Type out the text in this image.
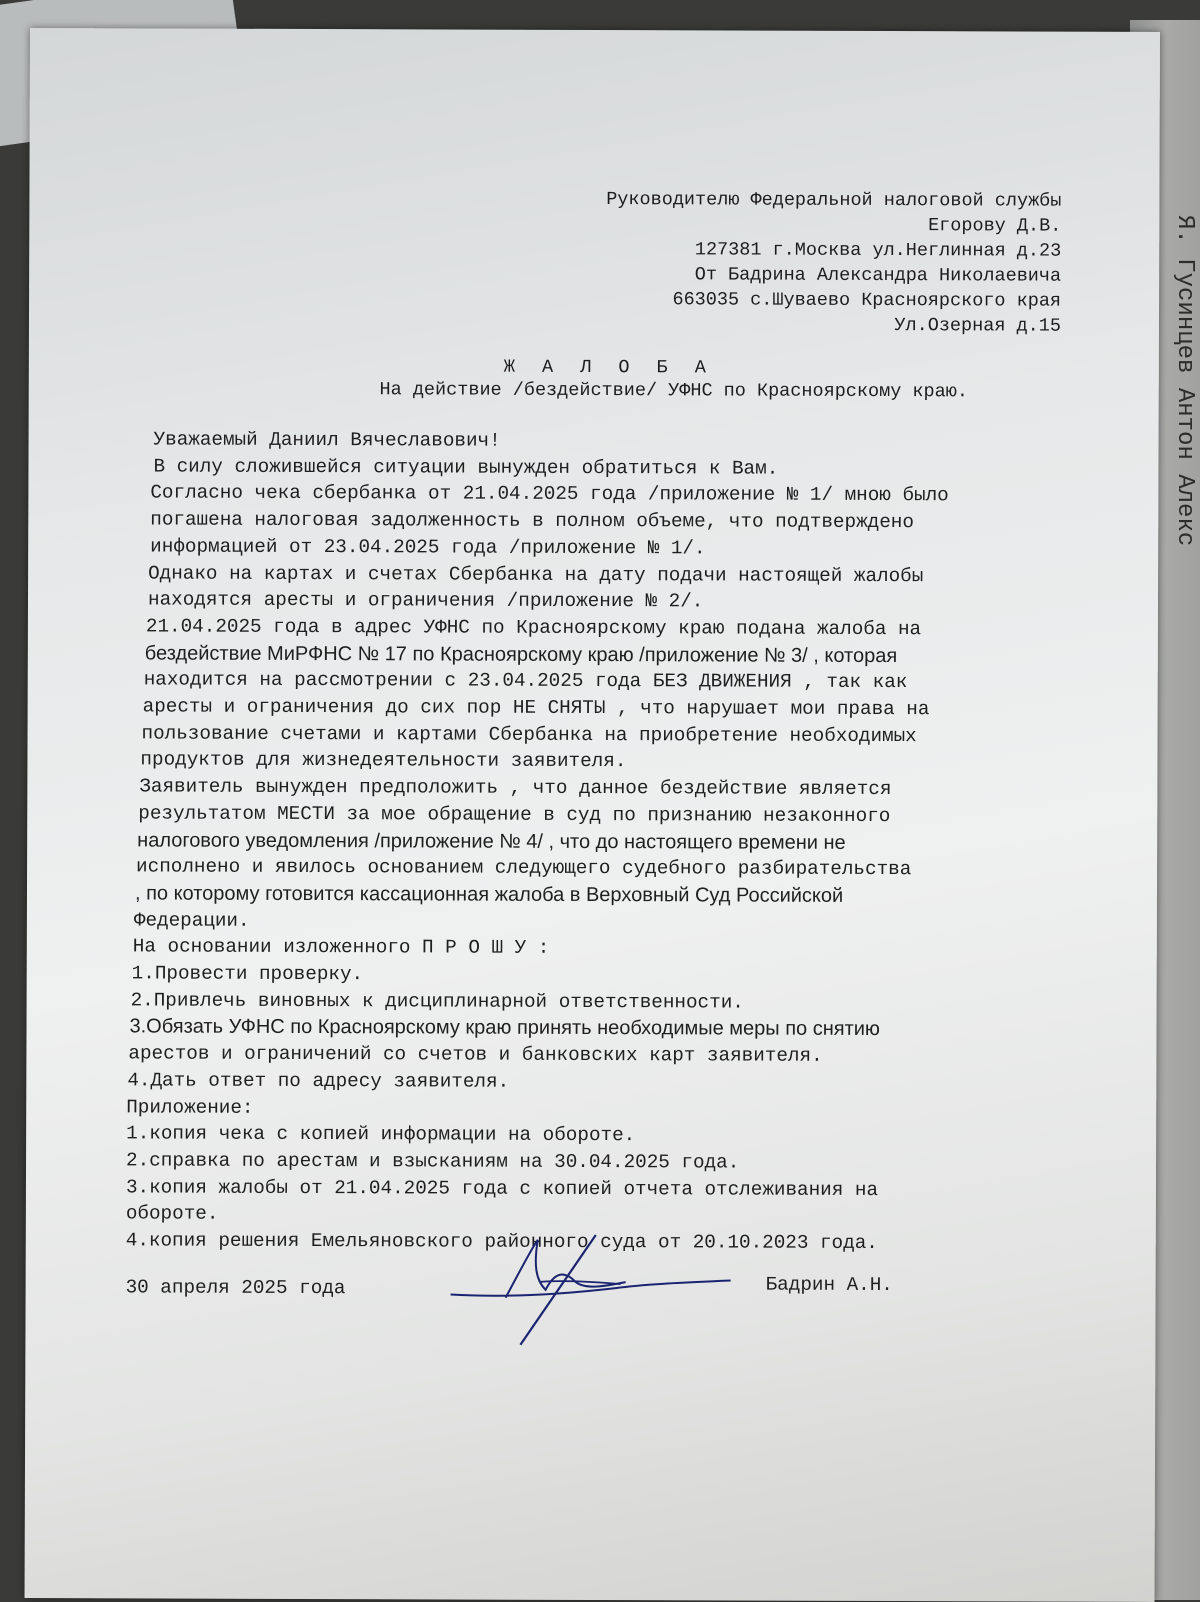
Я. Гусинцев Антон Алекс
Руководителю Федеральной налоговой службы
Егорову Д.В.
127381 г.Москва ул.Неглинная д.23
От Бадрина Александра Николаевича
663035 с.Шуваево Красноярского края
Ул.Озерная д.15
Ж А Л О Б А
На действие /бездействие/ УФНС по Красноярскому краю.
Уважаемый Даниил Вячеславович!
В силу сложившейся ситуации вынужден обратиться к Вам.
Согласно чека сбербанка от 21.04.2025 года /приложение № 1/ мною было
погашена налоговая задолженность в полном объеме, что подтверждено
информацией от 23.04.2025 года /приложение № 1/.
Однако на картах и счетах Сбербанка на дату подачи настоящей жалобы
находятся аресты и ограничения /приложение № 2/.
21.04.2025 года в адрес УФНС по Красноярскому краю подана жалоба на
бездействие МиРФНС № 17 по Красноярскому краю /приложение № 3/ , которая
находится на рассмотрении с 23.04.2025 года БЕЗ ДВИЖЕНИЯ , так как
аресты и ограничения до сих пор НЕ СНЯТЫ , что нарушает мои права на
пользование счетами и картами Сбербанка на приобретение необходимых
продуктов для жизнедеятельности заявителя.
Заявитель вынужден предположить , что данное бездействие является
результатом МЕСТИ за мое обращение в суд по признанию незаконного
налогового уведомления /приложение № 4/ , что до настоящего времени не
исполнено и явилось основанием следующего судебного разбирательства
, по которому готовится кассационная жалоба в Верховный Суд Российской
Федерации.
На основании изложенного П Р О Ш У :
1.Провести проверку.
2.Привлечь виновных к дисциплинарной ответственности.
3.Обязать УФНС по Красноярскому краю принять необходимые меры по снятию
арестов и ограничений со счетов и банковских карт заявителя.
4.Дать ответ по адресу заявителя.
Приложение:
1.копия чека с копией информации на обороте.
2.справка по арестам и взысканиям на 30.04.2025 года.
3.копия жалобы от 21.04.2025 года с копией отчета отслеживания на
обороте.
4.копия решения Емельяновского районного суда от 20.10.2023 года.
30 апреля 2025 года	Бадрин А.Н.
